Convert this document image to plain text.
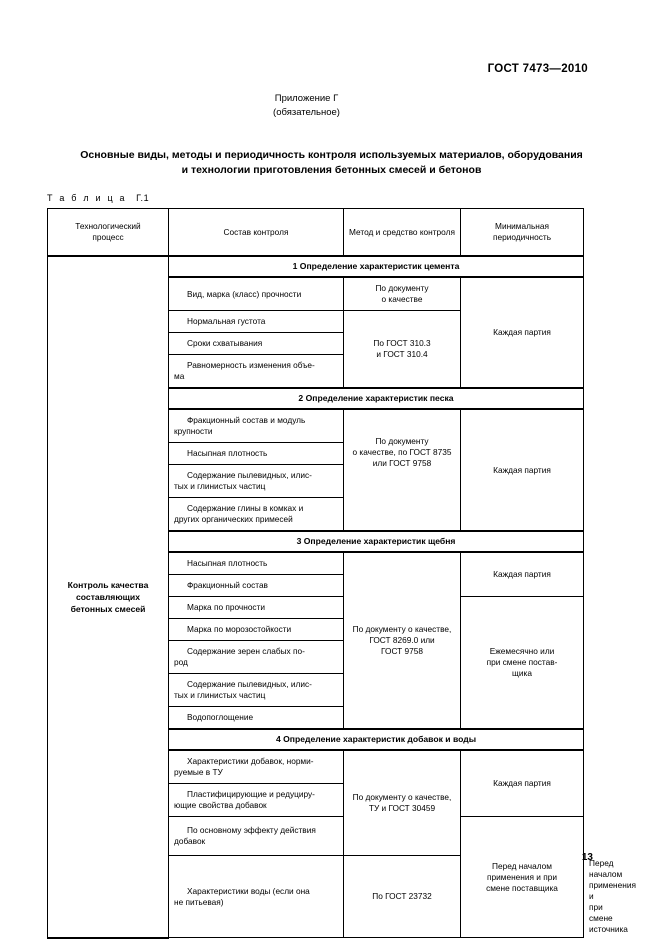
ГОСТ 7473—2010
Приложение Г
(обязательное)
Основные виды, методы и периодичность контроля используемых материалов, оборудования
и технологии приготовления бетонных смесей и бетонов
Т а б л и ц а Г.1
Технологический
процесс	Состав контроля	Метод и средство контроля	Минимальная
периодичность	
Контроль качества
составляющих
бетонных смесей	1 Определение характеристик цемента			
	Вид, марка (класс) прочности	По документу
о качестве	Каждая партия	
	Нормальная густота	По ГОСТ 310.3
и ГОСТ 310.4		
	Сроки схватывания			
	Равномерность изменения объе-
ма			
	2 Определение характеристик песка			
	Фракционный состав и модуль
крупности	По документу
о качестве, по ГОСТ 8735
или ГОСТ 9758	Каждая партия	
	Насыпная плотность			
	Содержание пылевидных, илис-
тых и глинистых частиц			
	Содержание глины в комках и
других органических примесей			
	3 Определение характеристик щебня			
	Насыпная плотность	По документу о качестве,
ГОСТ 8269.0 или
ГОСТ 9758	Каждая партия	
	Фракционный состав			
	Марка по прочности		Ежемесячно или
при смене постав-
щика	
	Марка по морозостойкости			
	Содержание зерен слабых по-
род			
	Содержание пылевидных, илис-
тых и глинистых частиц			
	Водопоглощение			
	4 Определение характеристик добавок и воды			
	Характеристики добавок, норми-
руемые в ТУ	По документу о качестве,
ТУ и ГОСТ 30459	Каждая партия	
	Пластифицирующие и редуциру-
ющие свойства добавок			
	По основному эффекту действия
добавок		Перед началом
применения и при
смене поставщика	
	Характеристики воды (если она
не питьевая)	По ГОСТ 23732		Перед началом
применения и при
смене источника
13
